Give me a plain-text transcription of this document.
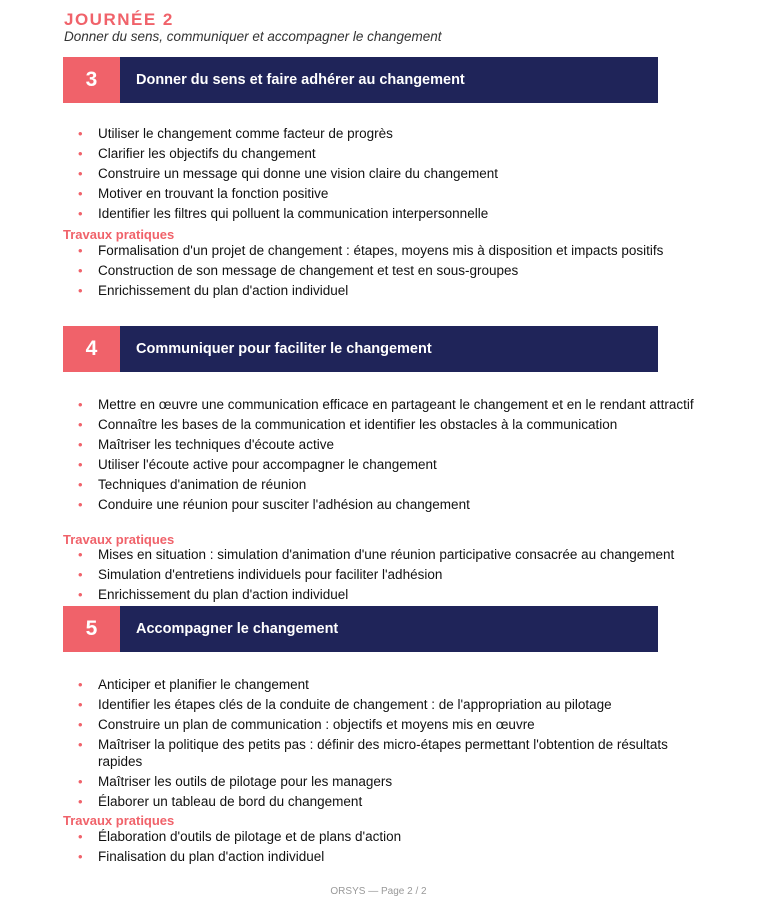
JOURNÉE 2
Donner du sens, communiquer et accompagner le changement
3	Donner du sens et faire adhérer au changement
• Utiliser le changement comme facteur de progrès
• Clarifier les objectifs du changement
• Construire un message qui donne une vision claire du changement
• Motiver en trouvant la fonction positive
• Identifier les filtres qui polluent la communication interpersonnelle
Travaux pratiques
• Formalisation d'un projet de changement : étapes, moyens mis à disposition et impacts positifs
• Construction de son message de changement et test en sous-groupes
• Enrichissement du plan d'action individuel
4	Communiquer pour faciliter le changement
• Mettre en œuvre une communication efficace en partageant le changement et en le rendant attractif
• Connaître les bases de la communication et identifier les obstacles à la communication
• Maîtriser les techniques d'écoute active
• Utiliser l'écoute active pour accompagner le changement
• Techniques d'animation de réunion
• Conduire une réunion pour susciter l'adhésion au changement
Travaux pratiques
• Mises en situation : simulation d'animation d'une réunion participative consacrée au changement
• Simulation d'entretiens individuels pour faciliter l'adhésion
• Enrichissement du plan d'action individuel
5	Accompagner le changement
• Anticiper et planifier le changement
• Identifier les étapes clés de la conduite de changement : de l'appropriation au pilotage
• Construire un plan de communication : objectifs et moyens mis en œuvre
• Maîtriser la politique des petits pas : définir des micro-étapes permettant l'obtention de résultats rapides
• Maîtriser les outils de pilotage pour les managers
• Élaborer un tableau de bord du changement
Travaux pratiques
• Élaboration d'outils de pilotage et de plans d'action
• Finalisation du plan d'action individuel
ORSYS — Page 2 / 2
